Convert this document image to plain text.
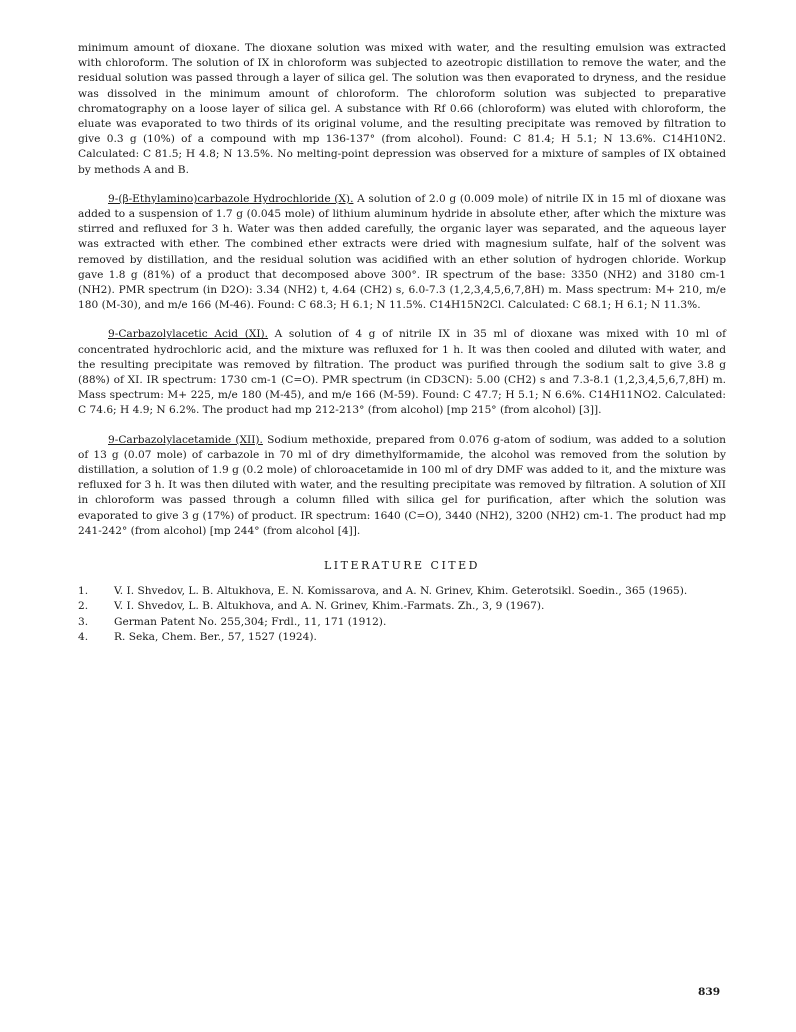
minimum amount of dioxane. The dioxane solution was mixed with water, and the resulting emulsion was extracted with chloroform. The solution of IX in chloroform was subjected to azeotropic distillation to remove the water, and the residual solution was passed through a layer of silica gel. The solution was then evaporated to dryness, and the residue was dissolved in the minimum amount of chloroform. The chloroform solution was subjected to preparative chromatography on a loose layer of silica gel. A substance with Rf 0.66 (chloroform) was eluted with chloroform, the eluate was evaporated to two thirds of its original volume, and the resulting precipitate was removed by filtration to give 0.3 g (10%) of a compound with mp 136-137° (from alcohol). Found: C 81.4; H 5.1; N 13.6%. C14H10N2. Calculated: C 81.5; H 4.8; N 13.5%. No melting-point depression was observed for a mixture of samples of IX obtained by methods A and B.

9-(β-Ethylamino)carbazole Hydrochloride (X). A solution of 2.0 g (0.009 mole) of nitrile IX in 15 ml of dioxane was added to a suspension of 1.7 g (0.045 mole) of lithium aluminum hydride in absolute ether, after which the mixture was stirred and refluxed for 3 h. Water was then added carefully, the organic layer was separated, and the aqueous layer was extracted with ether. The combined ether extracts were dried with magnesium sulfate, half of the solvent was removed by distillation, and the residual solution was acidified with an ether solution of hydrogen chloride. Workup gave 1.8 g (81%) of a product that decomposed above 300°. IR spectrum of the base: 3350 (NH2) and 3180 cm-1 (NH2). PMR spectrum (in D2O): 3.34 (NH2) t, 4.64 (CH2) s, 6.0-7.3 (1,2,3,4,5,6,7,8H) m. Mass spectrum: M+ 210, m/e 180 (M-30), and m/e 166 (M-46). Found: C 68.3; H 6.1; N 11.5%. C14H15N2Cl. Calculated: C 68.1; H 6.1; N 11.3%.

9-Carbazolylacetic Acid (XI). A solution of 4 g of nitrile IX in 35 ml of dioxane was mixed with 10 ml of concentrated hydrochloric acid, and the mixture was refluxed for 1 h. It was then cooled and diluted with water, and the resulting precipitate was removed by filtration. The product was purified through the sodium salt to give 3.8 g (88%) of XI. IR spectrum: 1730 cm-1 (C=O). PMR spectrum (in CD3CN): 5.00 (CH2) s and 7.3-8.1 (1,2,3,4,5,6,7,8H) m. Mass spectrum: M+ 225, m/e 180 (M-45), and m/e 166 (M-59). Found: C 47.7; H 5.1; N 6.6%. C14H11NO2. Calculated: C 74.6; H 4.9; N 6.2%. The product had mp 212-213° (from alcohol) [mp 215° (from alcohol) [3]].

9-Carbazolylacetamide (XII). Sodium methoxide, prepared from 0.076 g-atom of sodium, was added to a solution of 13 g (0.07 mole) of carbazole in 70 ml of dry dimethylformamide, the alcohol was removed from the solution by distillation, a solution of 1.9 g (0.2 mole) of chloroacetamide in 100 ml of dry DMF was added to it, and the mixture was refluxed for 3 h. It was then diluted with water, and the resulting precipitate was removed by filtration. A solution of XII in chloroform was passed through a column filled with silica gel for purification, after which the solution was evaporated to give 3 g (17%) of product. IR spectrum: 1640 (C=O), 3440 (NH2), 3200 (NH2) cm-1. The product had mp 241-242° (from alcohol) [mp 244° (from alcohol [4]].

LITERATURE CITED
1.	V. I. Shvedov, L. B. Altukhova, E. N. Komissarova, and A. N. Grinev, Khim. Geterotsikl. Soedin., 365 (1965).
2.	V. I. Shvedov, L. B. Altukhova, and A. N. Grinev, Khim.-Farmats. Zh., 3, 9 (1967).
3.	German Patent No. 255,304; Frdl., 11, 171 (1912).
4.	R. Seka, Chem. Ber., 57, 1527 (1924).
839
